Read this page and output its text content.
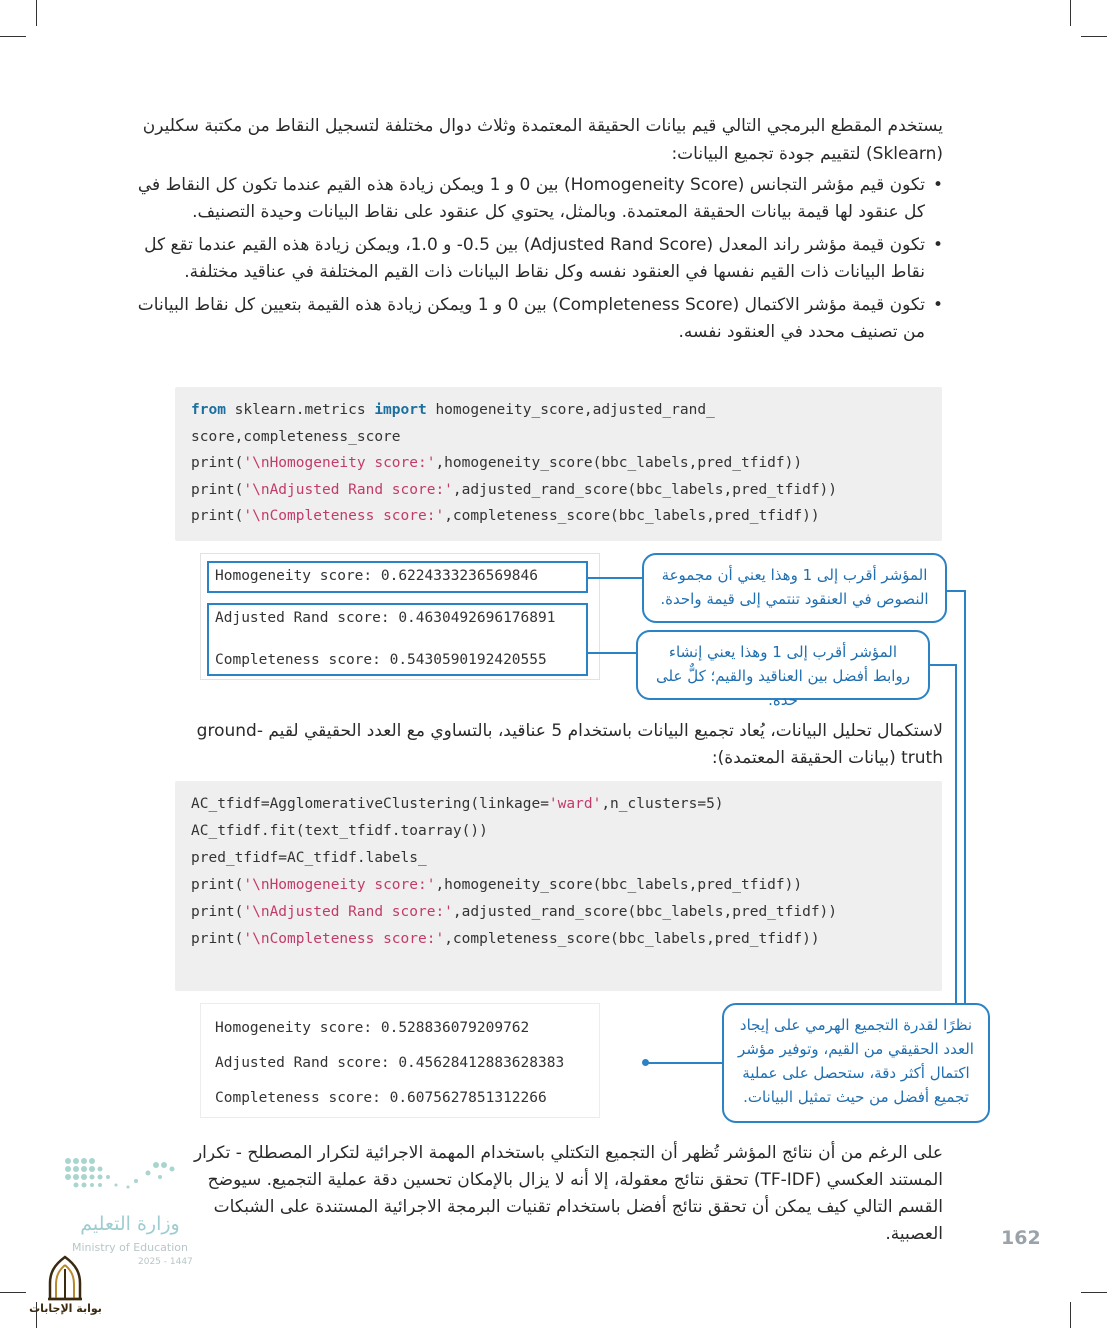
يستخدم المقطع البرمجي التالي قيم بيانات الحقيقة المعتمدة وثلاث دوال مختلفة لتسجيل النقاط من مكتبة سكليرن (Sklearn) لتقييم جودة تجميع البيانات:

• تكون قيم مؤشر التجانس (Homogeneity Score) بين 0 و 1 ويمكن زيادة هذه القيم عندما تكون كل النقاط في كل عنقود لها قيمة بيانات الحقيقة المعتمدة. وبالمثل، يحتوي كل عنقود على نقاط البيانات وحيدة التصنيف.
• تكون قيمة مؤشر راند المعدل (Adjusted Rand Score) بين 0.5- و 1.0، ويمكن زيادة هذه القيم عندما تقع كل نقاط البيانات ذات القيم نفسها في العنقود نفسه وكل نقاط البيانات ذات القيم المختلفة في عناقيد مختلفة.
• تكون قيمة مؤشر الاكتمال (Completeness Score) بين 0 و 1 ويمكن زيادة هذه القيمة بتعيين كل نقاط البيانات من تصنيف محدد في العنقود نفسه.
from sklearn.metrics import homogeneity_score,adjusted_rand_
score,completeness_score
print('\nHomogeneity score:',homogeneity_score(bbc_labels,pred_tfidf))
print('\nAdjusted Rand score:',adjusted_rand_score(bbc_labels,pred_tfidf))
print('\nCompleteness score:',completeness_score(bbc_labels,pred_tfidf))
Homogeneity score: 0.6224333236569846
Adjusted Rand score: 0.4630492696176891
Completeness score: 0.5430590192420555
المؤشر أقرب إلى 1 وهذا يعني أن مجموعة النصوص في العنقود تنتمي إلى قيمة واحدة.
المؤشر أقرب إلى 1 وهذا يعني إنشاء روابط أفضل بين العناقيد والقيم؛ كلٌّ على حده.

لاستكمال تحليل البيانات، يُعاد تجميع البيانات باستخدام 5 عناقيد، بالتساوي مع العدد الحقيقي لقيم ground-truth (بيانات الحقيقة المعتمدة):

AC_tfidf=AgglomerativeClustering(linkage='ward',n_clusters=5)
AC_tfidf.fit(text_tfidf.toarray())
pred_tfidf=AC_tfidf.labels_
print('\nHomogeneity score:',homogeneity_score(bbc_labels,pred_tfidf))
print('\nAdjusted Rand score:',adjusted_rand_score(bbc_labels,pred_tfidf))
print('\nCompleteness score:',completeness_score(bbc_labels,pred_tfidf))
Homogeneity score: 0.528836079209762
Adjusted Rand score: 0.45628412883628383
Completeness score: 0.6075627851312266
نظرًا لقدرة التجميع الهرمي على إيجاد العدد الحقيقي من القيم، وتوفير مؤشر اكتمال أكثر دقة، ستحصل على عملية تجميع أفضل من حيث تمثيل البيانات.

على الرغم من أن نتائج المؤشر تُظهر أن التجميع التكتلي باستخدام المهمة الاجرائية لتكرار المصطلح - تكرار المستند العكسي (TF-IDF) تحقق نتائج معقولة، إلا أنه لا يزال بالإمكان تحسين دقة عملية التجميع. سيوضح القسم التالي كيف يمكن أن تحقق نتائج أفضل باستخدام تقنيات البرمجة الاجرائية المستندة على الشبكات العصبية.	162
وزارة التعليم
Ministry of Education
2025 - 1447
بوابة الإجابات
